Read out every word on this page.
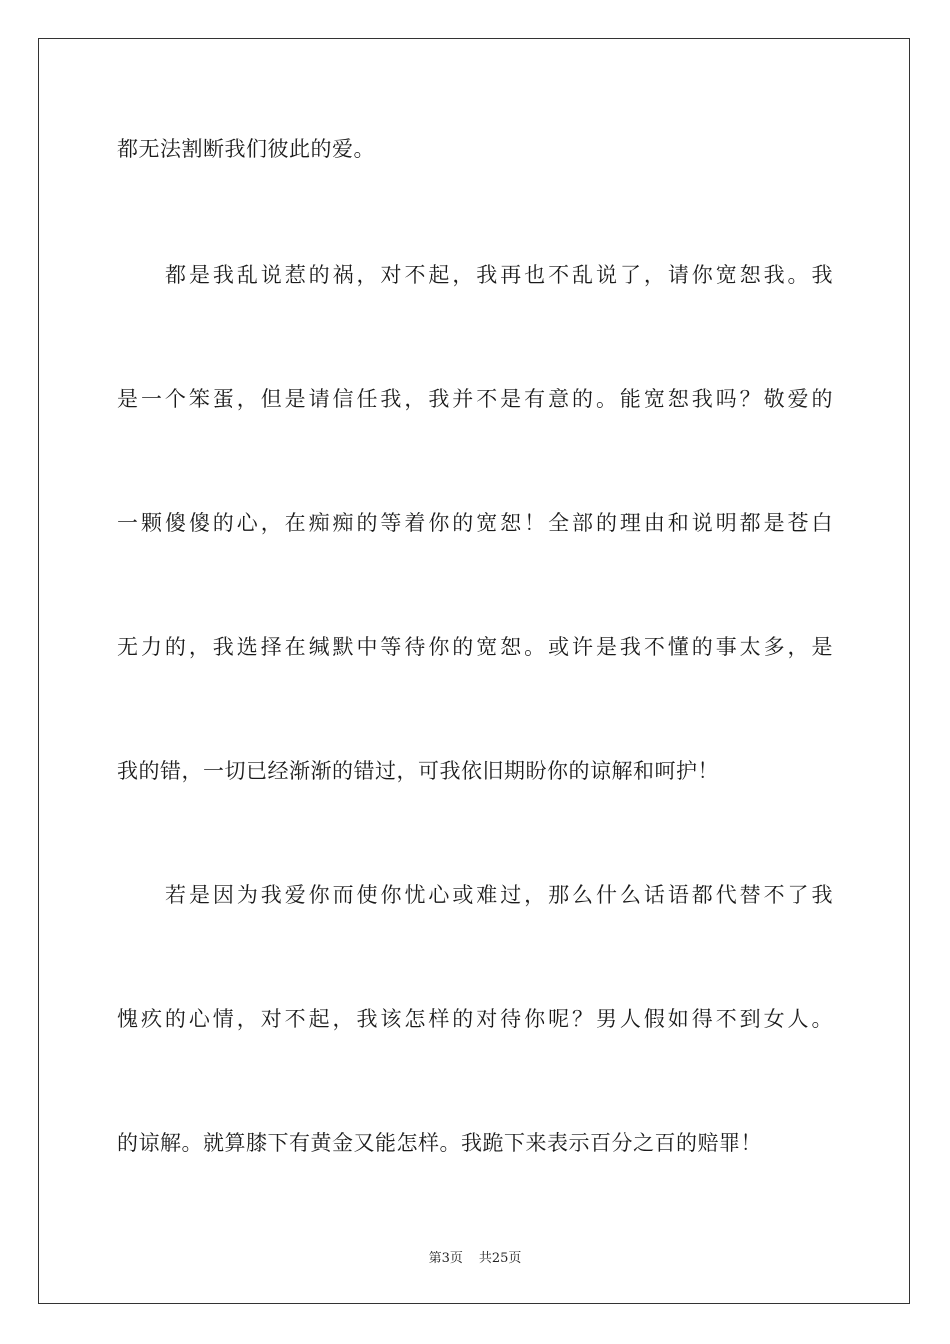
都无法割断我们彼此的爱。
都是我乱说惹的祸，对不起，我再也不乱说了，请你宽恕我。我
是一个笨蛋，但是请信任我，我并不是有意的。能宽恕我吗？敬爱的
一颗傻傻的心，在痴痴的等着你的宽恕！全部的理由和说明都是苍白
无力的，我选择在缄默中等待你的宽恕。或许是我不懂的事太多，是
我的错，一切已经渐渐的错过，可我依旧期盼你的谅解和呵护！
若是因为我爱你而使你忧心或难过，那么什么话语都代替不了我
愧疚的心情，对不起，我该怎样的对待你呢？男人假如得不到女人。
的谅解。就算膝下有黄金又能怎样。我跪下来表示百分之百的赔罪！
第3页 共25页
